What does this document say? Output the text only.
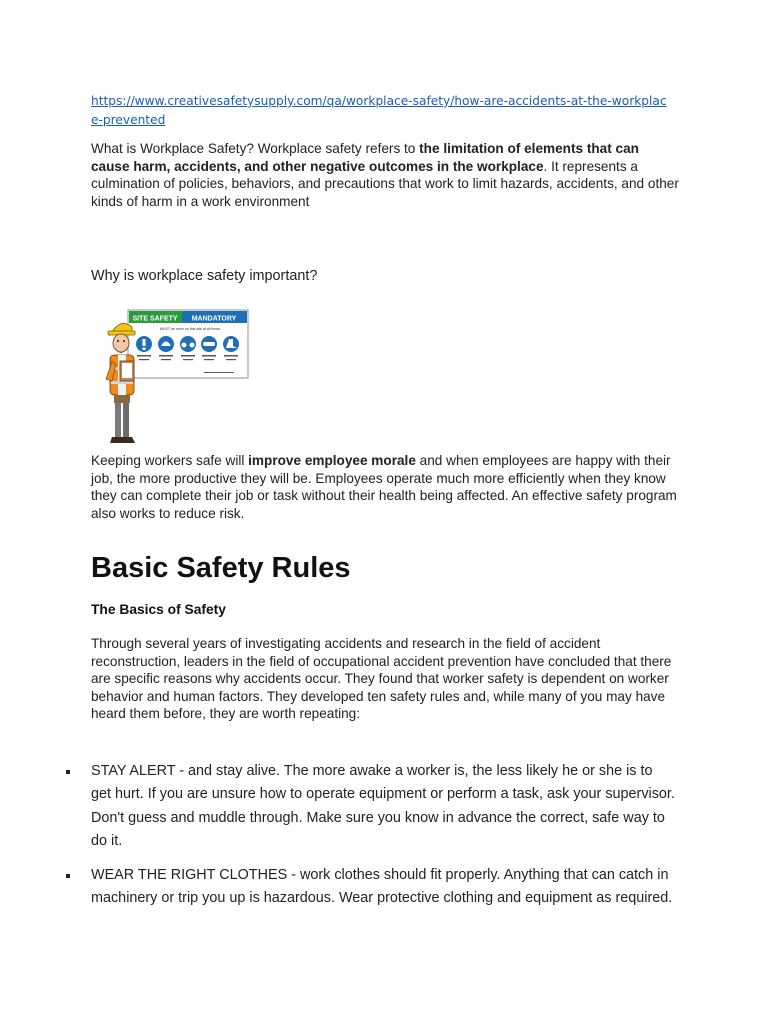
https://www.creativesafetysupply.com/qa/workplace-safety/how-are-accidents-at-the-workplace-prevented
What is Workplace Safety? Workplace safety refers to the limitation of elements that can cause harm, accidents, and other negative outcomes in the workplace. It represents a culmination of policies, behaviors, and precautions that work to limit hazards, accidents, and other kinds of harm in a work environment
Why is workplace safety important?
SITE SAFETY MANDATORY
MUST be worn on this site at all times
Keeping workers safe will improve employee morale and when employees are happy with their job, the more productive they will be. Employees operate much more efficiently when they know they can complete their job or task without their health being affected. An effective safety program also works to reduce risk.
Basic Safety Rules
The Basics of Safety
Through several years of investigating accidents and research in the field of accident reconstruction, leaders in the field of occupational accident prevention have concluded that there are specific reasons why accidents occur. They found that worker safety is dependent on worker behavior and human factors. They developed ten safety rules and, while many of you may have heard them before, they are worth repeating:
STAY ALERT - and stay alive. The more awake a worker is, the less likely he or she is to get hurt. If you are unsure how to operate equipment or perform a task, ask your supervisor. Don't guess and muddle through. Make sure you know in advance the correct, safe way to do it.
WEAR THE RIGHT CLOTHES - work clothes should fit properly. Anything that can catch in machinery or trip you up is hazardous. Wear protective clothing and equipment as required.
